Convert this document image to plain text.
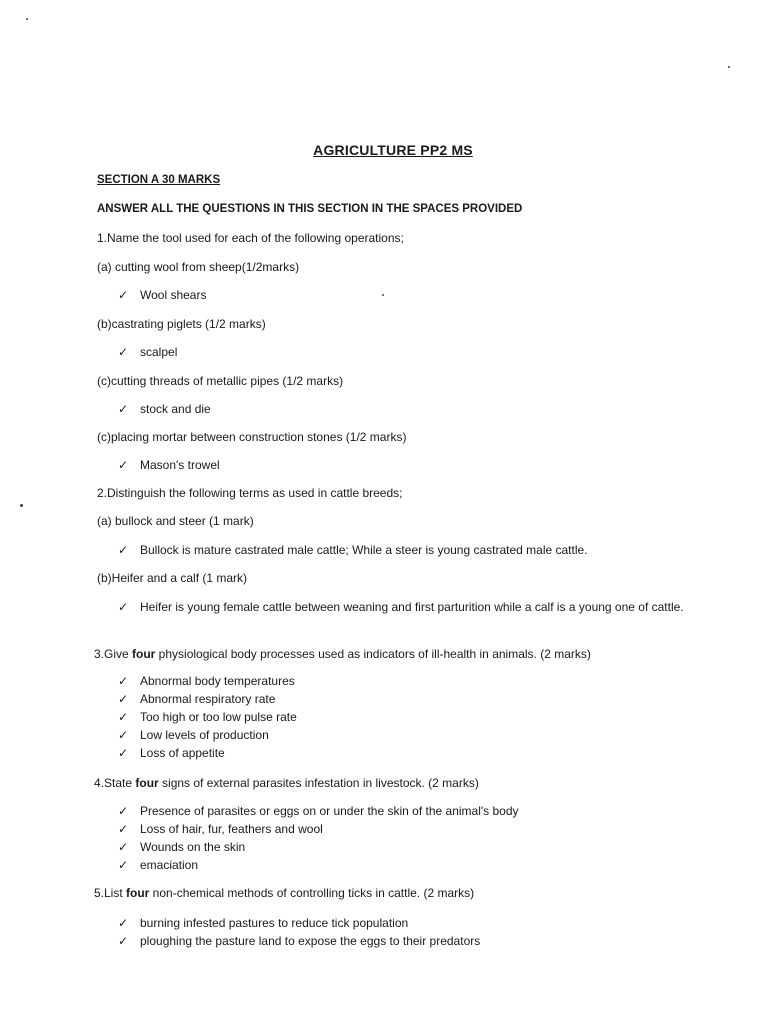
AGRICULTURE PP2 MS
SECTION A 30 MARKS
ANSWER ALL THE QUESTIONS IN THIS SECTION IN THE SPACES PROVIDED
1.Name the tool used for each of the following operations;
(a) cutting wool from sheep(1/2marks)
✓ Wool shears
(b)castrating piglets (1/2 marks)
✓ scalpel
(c)cutting threads of metallic pipes (1/2 marks)
✓ stock and die
(c)placing mortar between construction stones (1/2 marks)
✓ Mason's trowel
2.Distinguish the following terms as used in cattle breeds;
(a) bullock and steer (1 mark)
✓ Bullock is mature castrated male cattle; While a steer is young castrated male cattle.
(b)Heifer and a calf (1 mark)
✓ Heifer is young female cattle between weaning and first parturition while a calf is a young one of cattle.
3.Give four physiological body processes used as indicators of ill-health in animals. (2 marks)
✓ Abnormal body temperatures
✓ Abnormal respiratory rate
✓ Too high or too low pulse rate
✓ Low levels of production
✓ Loss of appetite
4.State four signs of external parasites infestation in livestock. (2 marks)
✓ Presence of parasites or eggs on or under the skin of the animal's body
✓ Loss of hair, fur, feathers and wool
✓ Wounds on the skin
✓ emaciation
5.List four non-chemical methods of controlling ticks in cattle. (2 marks)
✓ burning infested pastures to reduce tick population
✓ ploughing the pasture land to expose the eggs to their predators
